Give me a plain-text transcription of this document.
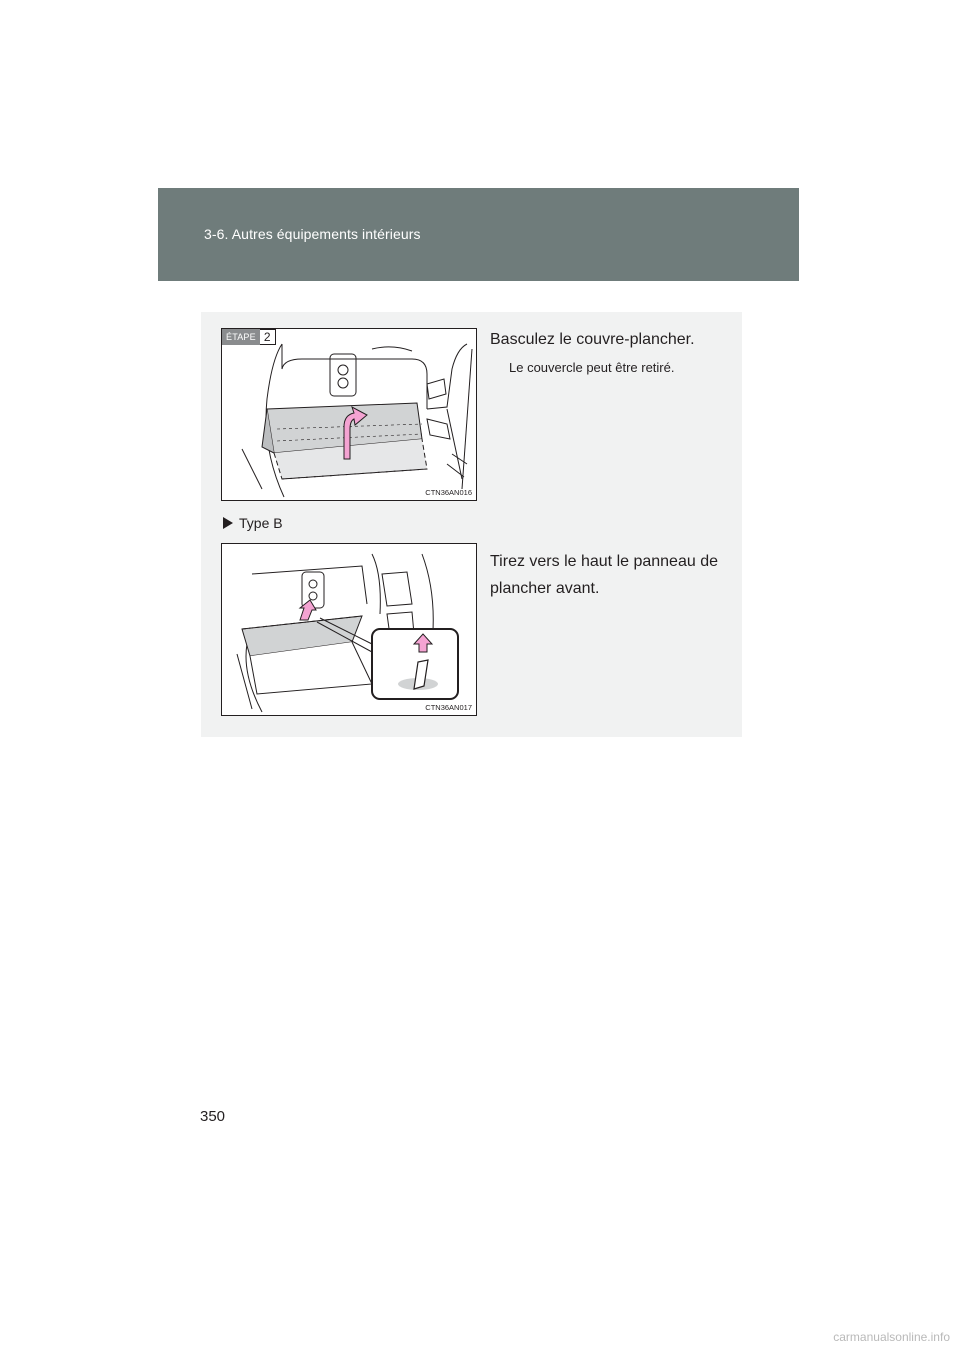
3-6. Autres équipements intérieurs
ÉTAPE 2
CTN36AN016
Basculez le couvre-plancher.
Le couvercle peut être retiré.
Type B
CTN36AN017
Tirez vers le haut le panneau de plancher avant.
350
carmanualsonline.info
